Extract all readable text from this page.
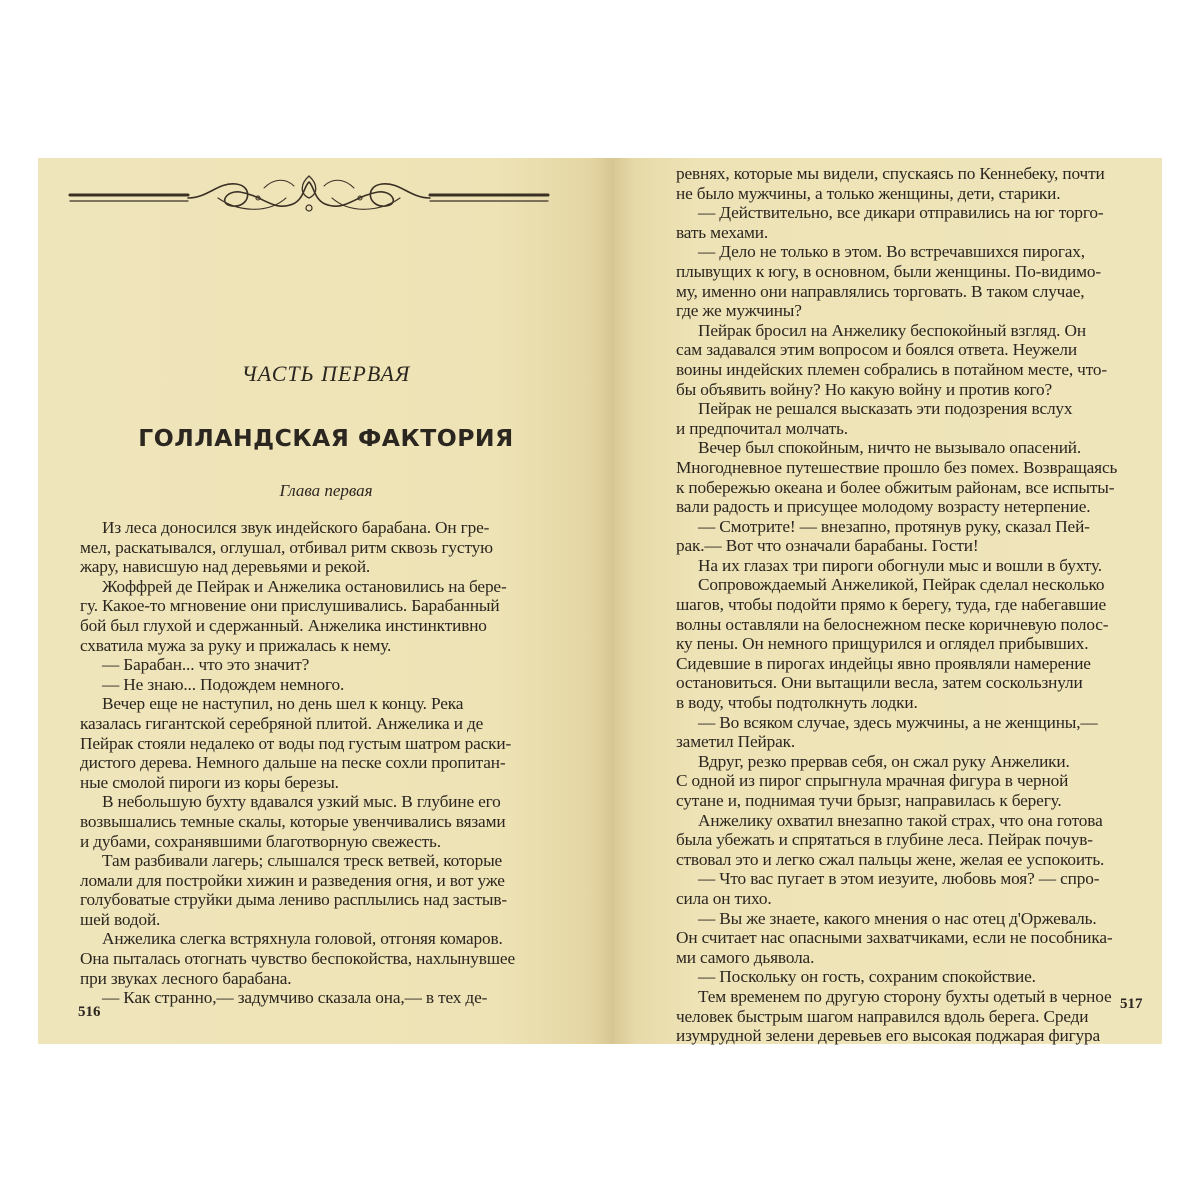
ЧАСТЬ ПЕРВАЯ
ГОЛЛАНДСКАЯ ФАКТОРИЯ
Глава первая

Из леса доносился звук индейского барабана. Он гре-

мел, раскатывался, оглушал, отбивал ритм сквозь густую

жару, нависшую над деревьями и рекой.

Жоффрей де Пейрак и Анжелика остановились на бере-

гу. Какое-то мгновение они прислушивались. Барабанный

бой был глухой и сдержанный. Анжелика инстинктивно

схватила мужа за руку и прижалась к нему.

— Барабан... что это значит?

— Не знаю... Подождем немного.

Вечер еще не наступил, но день шел к концу. Река

казалась гигантской серебряной плитой. Анжелика и де

Пейрак стояли недалеко от воды под густым шатром раски-

дистого дерева. Немного дальше на песке сохли пропитан-

ные смолой пироги из коры березы.

В небольшую бухту вдавался узкий мыс. В глубине его

возвышались темные скалы, которые увенчивались вязами

и дубами, сохранявшими благотворную свежесть.

Там разбивали лагерь; слышался треск ветвей, которые

ломали для постройки хижин и разведения огня, и вот уже

голубоватые струйки дыма лениво расплылись над застыв-

шей водой.

Анжелика слегка встряхнула головой, отгоняя комаров.

Она пыталась отогнать чувство беспокойства, нахлынувшее

при звуках лесного барабана.

— Как странно,— задумчиво сказала она,— в тех де-

516

ревнях, которые мы видели, спускаясь по Кеннебеку, почти

не было мужчины, а только женщины, дети, старики.

— Действительно, все дикари отправились на юг торго-

вать мехами.

— Дело не только в этом. Во встречавшихся пирогах,

плывущих к югу, в основном, были женщины. По-видимо-

му, именно они направлялись торговать. В таком случае,

где же мужчины?

Пейрак бросил на Анжелику беспокойный взгляд. Он

сам задавался этим вопросом и боялся ответа. Неужели

воины индейских племен собрались в потайном месте, что-

бы объявить войну? Но какую войну и против кого?

Пейрак не решался высказать эти подозрения вслух

и предпочитал молчать.

Вечер был спокойным, ничто не вызывало опасений.

Многодневное путешествие прошло без помех. Возвращаясь

к побережью океана и более обжитым районам, все испыты-

вали радость и присущее молодому возрасту нетерпение.

— Смотрите! — внезапно, протянув руку, сказал Пей-

рак.— Вот что означали барабаны. Гости!

На их глазах три пироги обогнули мыс и вошли в бухту.

Сопровождаемый Анжеликой, Пейрак сделал несколько

шагов, чтобы подойти прямо к берегу, туда, где набегавшие

волны оставляли на белоснежном песке коричневую полос-

ку пены. Он немного прищурился и оглядел прибывших.

Сидевшие в пирогах индейцы явно проявляли намерение

остановиться. Они вытащили весла, затем соскользнули

в воду, чтобы подтолкнуть лодки.

— Во всяком случае, здесь мужчины, а не женщины,—

заметил Пейрак.

Вдруг, резко прервав себя, он сжал руку Анжелики.

С одной из пирог спрыгнула мрачная фигура в черной

сутане и, поднимая тучи брызг, направилась к берегу.

Анжелику охватил внезапно такой страх, что она готова

была убежать и спрятаться в глубине леса. Пейрак почув-

ствовал это и легко сжал пальцы жене, желая ее успокоить.

— Что вас пугает в этом иезуите, любовь моя? — спро-

сила он тихо.

— Вы же знаете, какого мнения о нас отец д'Оржеваль.

Он считает нас опасными захватчиками, если не пособника-

ми самого дьявола.

— Поскольку он гость, сохраним спокойствие.

Тем временем по другую сторону бухты одетый в черное

человек быстрым шагом направился вдоль берега. Среди

изумрудной зелени деревьев его высокая поджарая фигура

517
